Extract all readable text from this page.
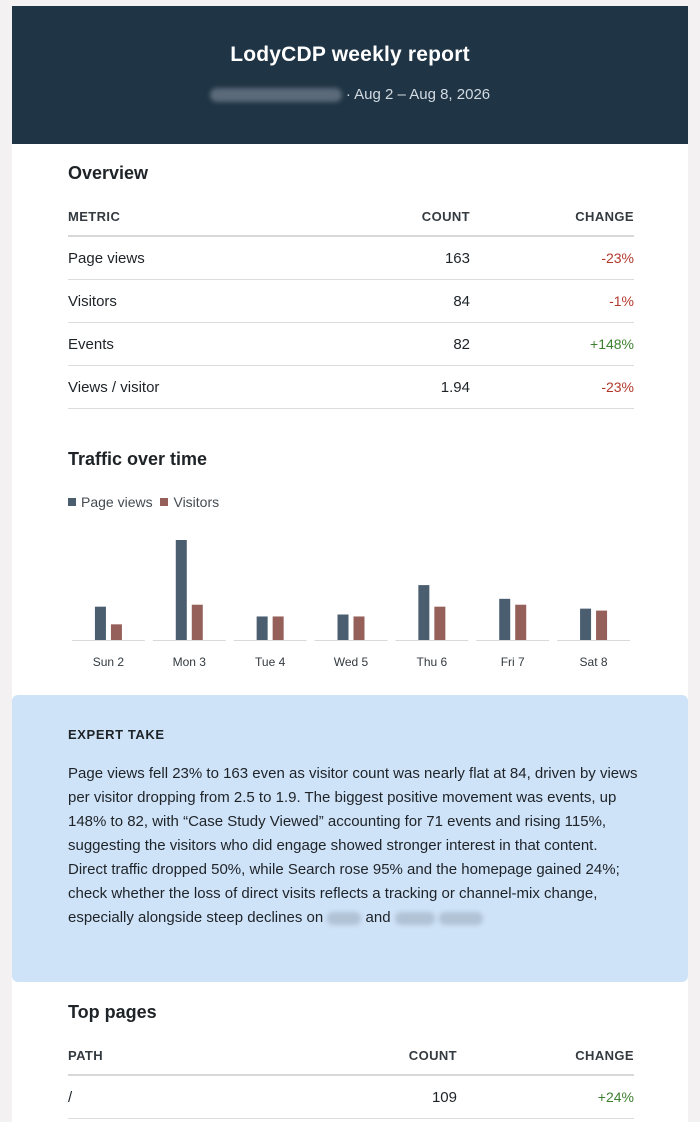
LodyCDP weekly report
· Aug 2 – Aug 8, 2026
Overview
METRIC	COUNT	CHANGE
Page views	163	-23%
Visitors	84	-1%
Events	82	+148%
Views / visitor	1.94	-23%
Traffic over time
Page views Visitors
Sun 2	Mon 3	Tue 4	Wed 5	Thu 6	Fri 7	Sat 8
EXPERT TAKE
Page views fell 23% to 163 even as visitor count was nearly flat at 84, driven by views per visitor dropping from 2.5 to 1.9. The biggest positive movement was events, up 148% to 82, with “Case Study Viewed” accounting for 71 events and rising 115%, suggesting the visitors who did engage showed stronger interest in that content. Direct traffic dropped 50%, while Search rose 95% and the homepage gained 24%; check whether the loss of direct visits reflects a tracking or channel-mix change, especially alongside steep declines on	and
Top pages
PATH	COUNT	CHANGE
/	109	+24%
